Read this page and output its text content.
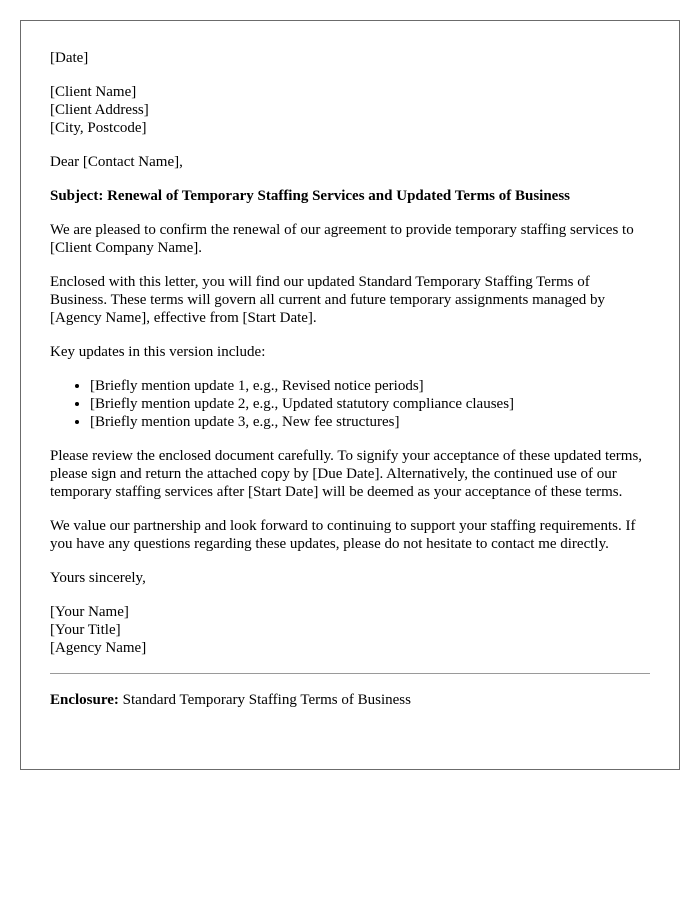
[Date]
[Client Name]
[Client Address]
[City, Postcode]

Dear [Contact Name],

Subject: Renewal of Temporary Staffing Services and Updated Terms of Business

We are pleased to confirm the renewal of our agreement to provide temporary staffing services to [Client Company Name].

Enclosed with this letter, you will find our updated Standard Temporary Staffing Terms of Business. These terms will govern all current and future temporary assignments managed by [Agency Name], effective from [Start Date].

Key updates in this version include:

• [Briefly mention update 1, e.g., Revised notice periods]
• [Briefly mention update 2, e.g., Updated statutory compliance clauses]
• [Briefly mention update 3, e.g., New fee structures]

Please review the enclosed document carefully. To signify your acceptance of these updated terms, please sign and return the attached copy by [Due Date]. Alternatively, the continued use of our temporary staffing services after [Start Date] will be deemed as your acceptance of these terms.

We value our partnership and look forward to continuing to support your staffing requirements. If you have any questions regarding these updates, please do not hesitate to contact me directly.

Yours sincerely,

[Your Name]
[Your Title]
[Agency Name]
Enclosure: Standard Temporary Staffing Terms of Business
